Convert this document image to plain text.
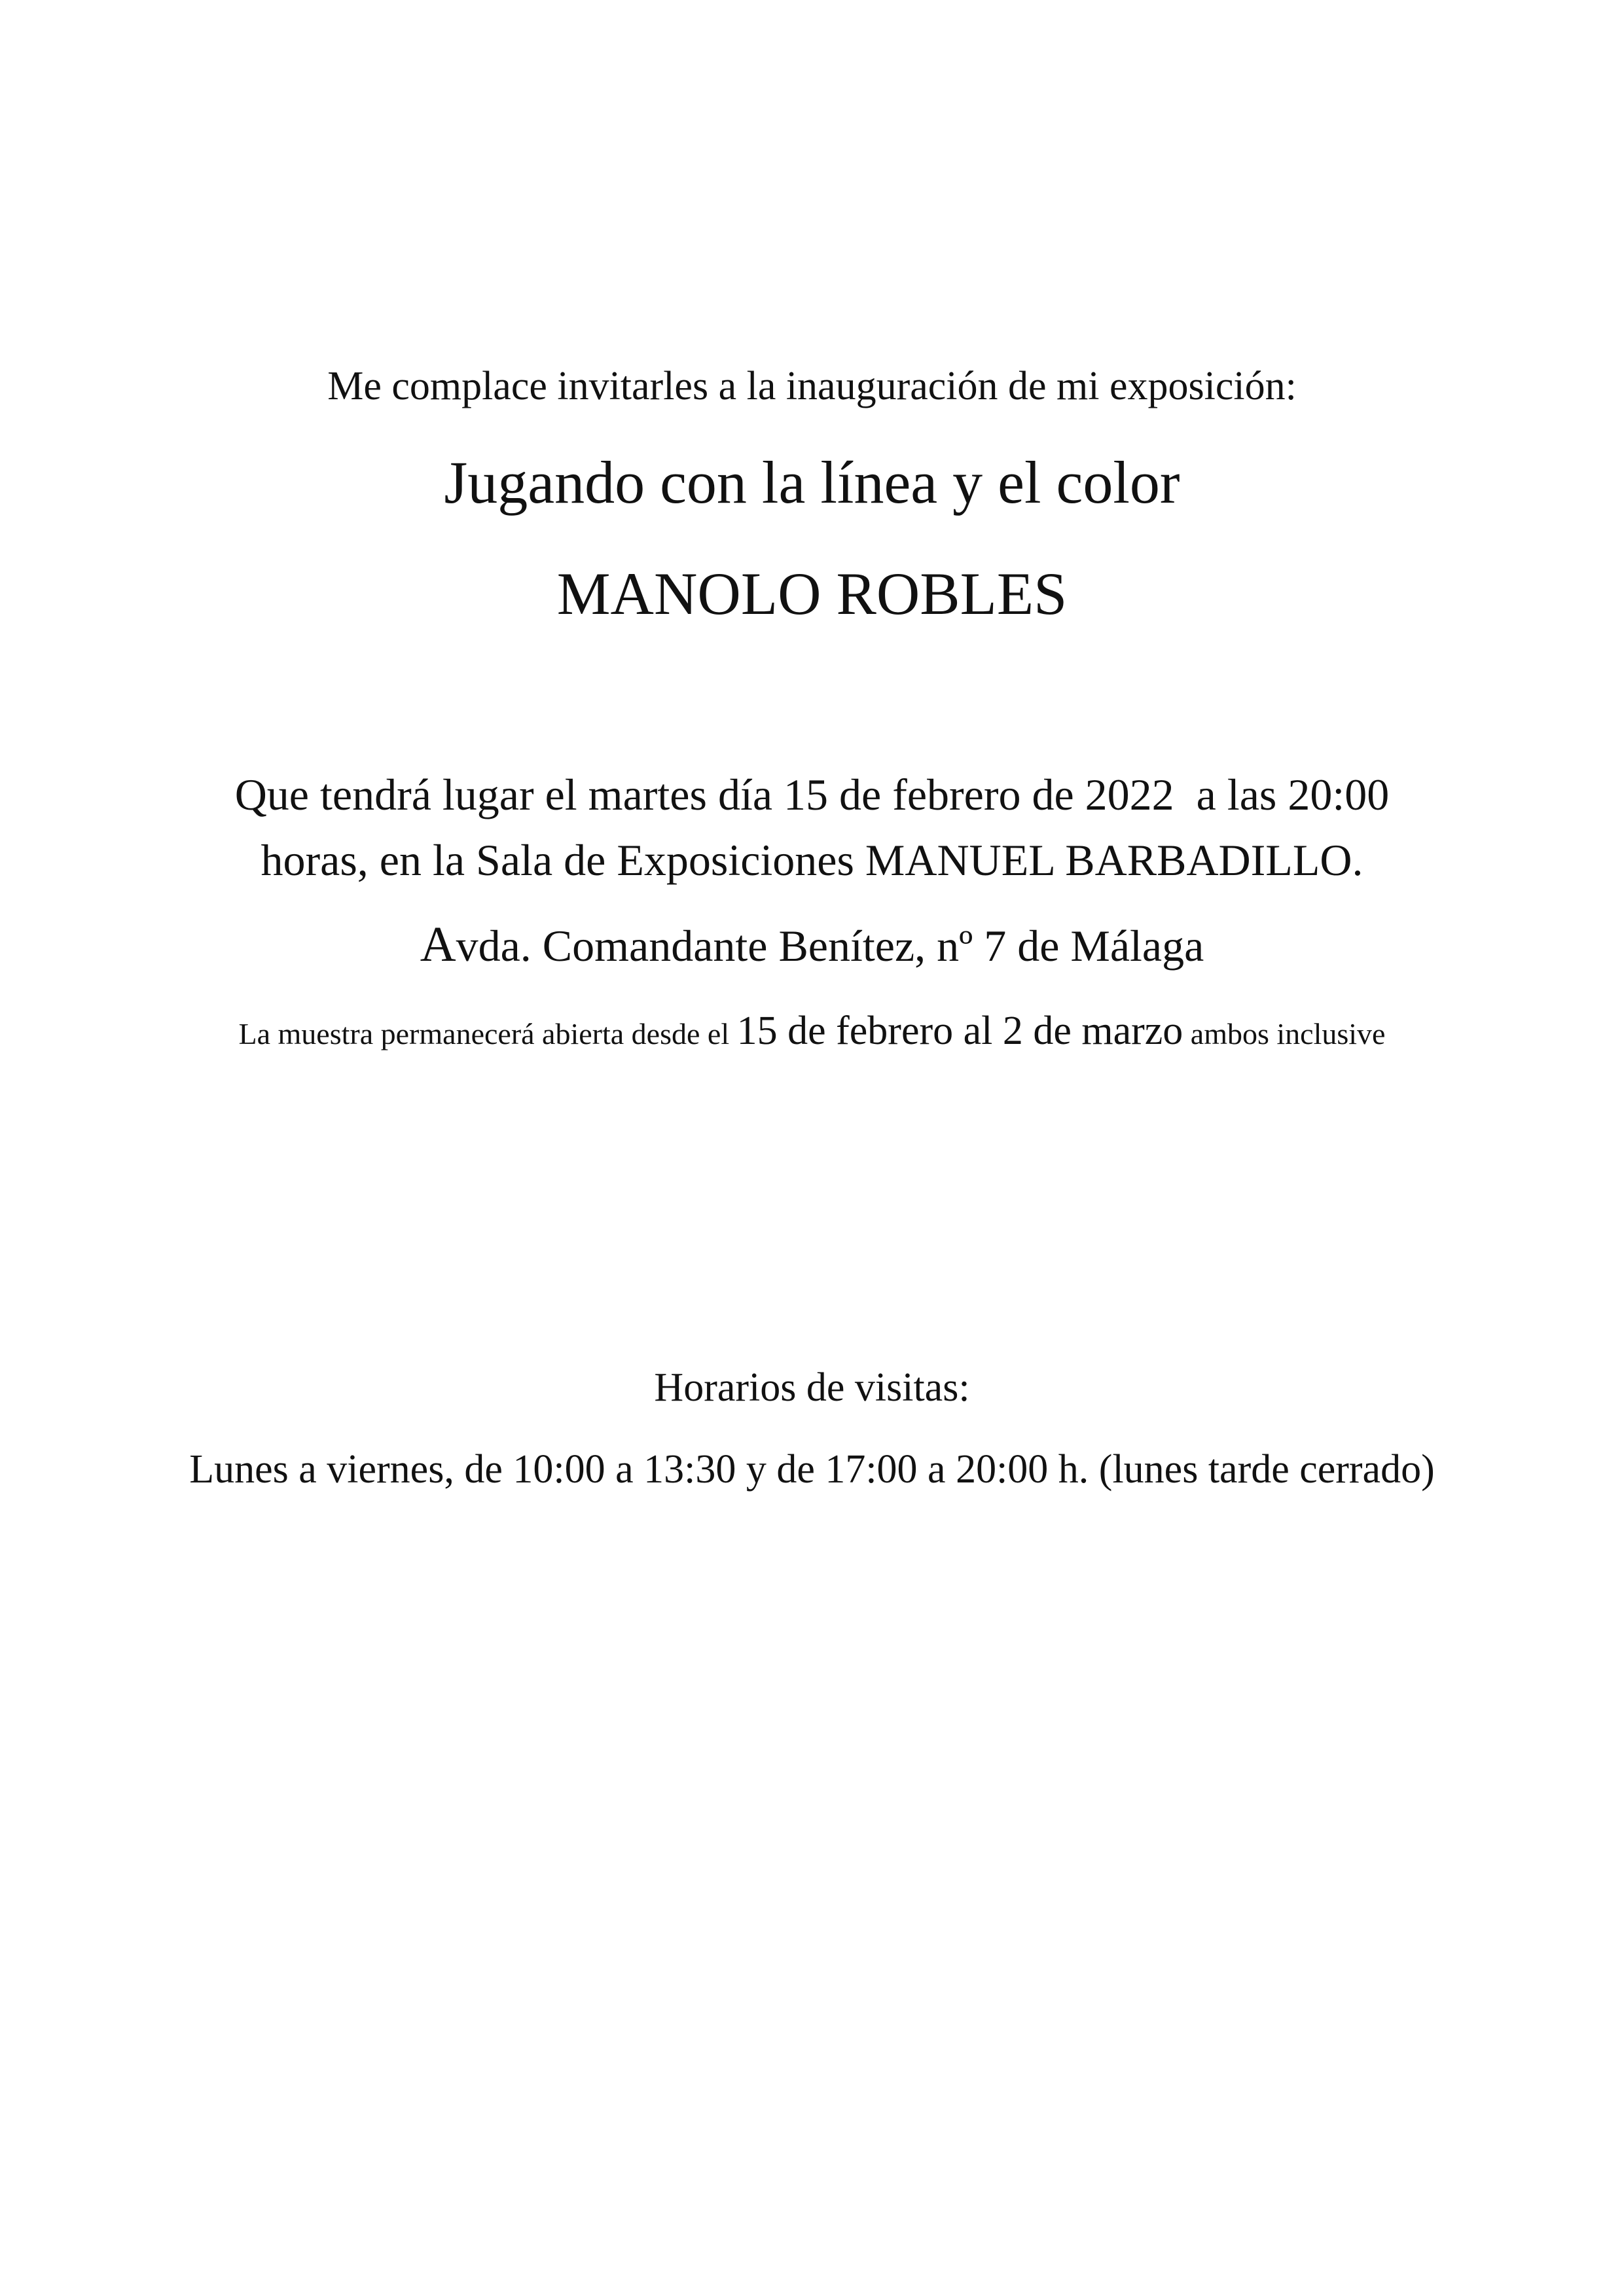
Me complace invitarles a la inauguración de mi exposición:
Jugando con la línea y el color
MANOLO ROBLES
Que tendrá lugar el martes día 15 de febrero de 2022  a las 20:00
horas, en la Sala de Exposiciones MANUEL BARBADILLO.
Avda. Comandante Benítez, nº 7 de Málaga
La muestra permanecerá abierta desde el 15 de febrero al 2 de marzo ambos inclusive
Horarios de visitas:
Lunes a viernes, de 10:00 a 13:30 y de 17:00 a 20:00 h. (lunes tarde cerrado)
